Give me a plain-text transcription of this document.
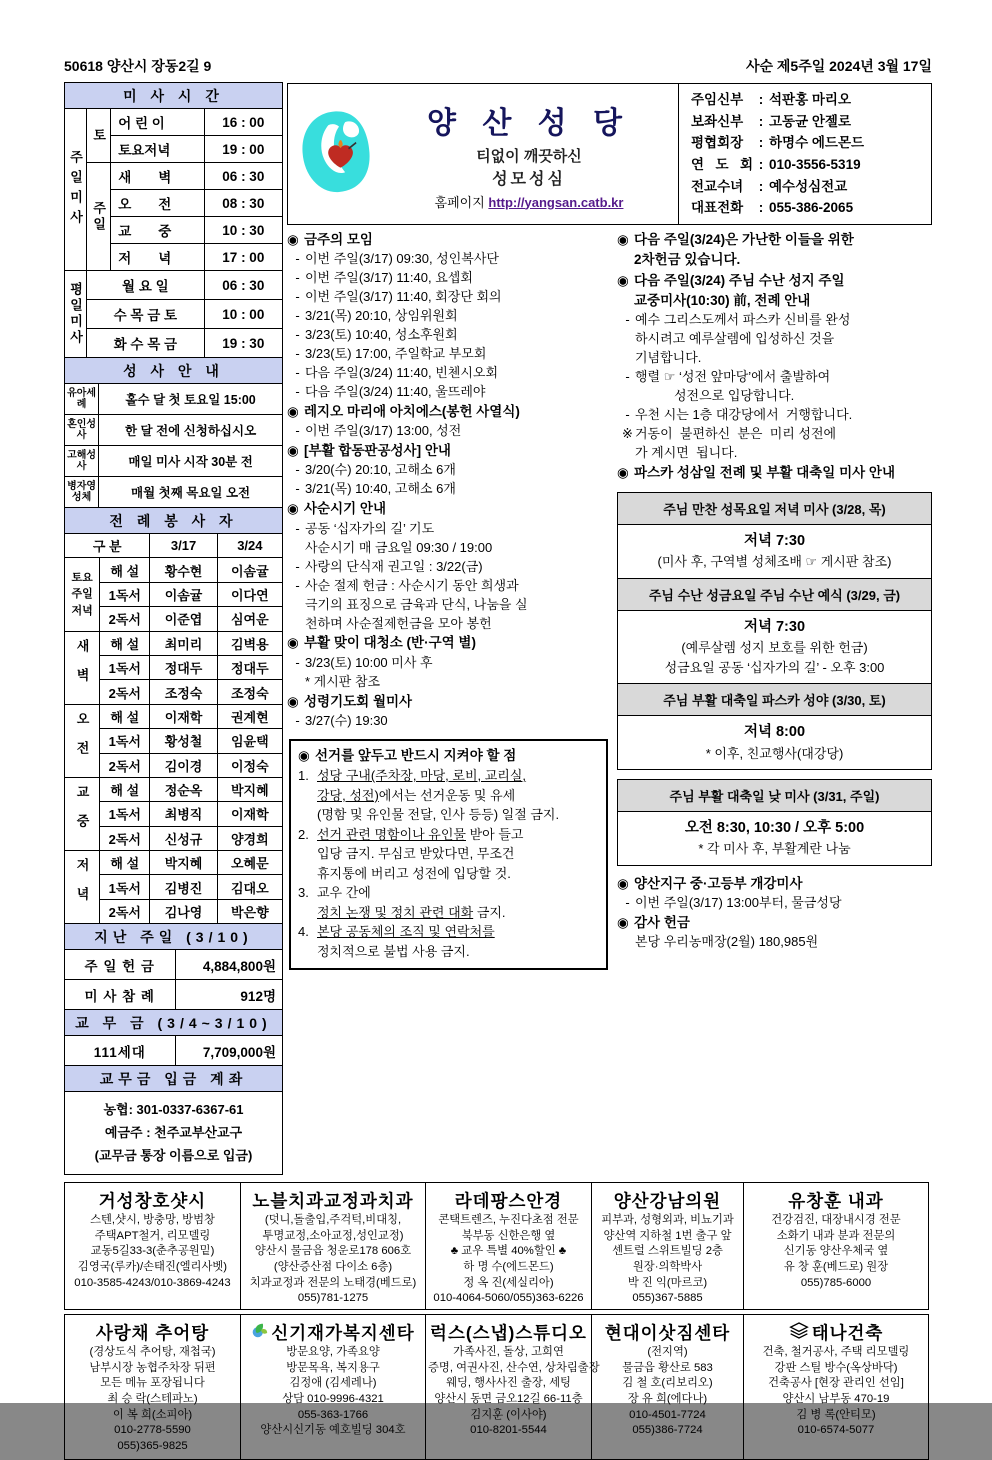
50618 양산시 장동2길 9	사순 제5주일 2024년 3월 17일
미 사 시 간
주일미사	토	어 린 이	16 : 00
		토요저녁	19 : 00

	주일	새　　벽	06 : 30
		오　　전	08 : 30
		교　　중	10 : 30
		저　　녁	17 : 00
평일미사	월 요 일	06 : 30
	수 목 금 토	10 : 00
	화 수 목 금	19 : 30
성 사 안 내
유아세례	홀수 달 첫 토요일 15:00
혼인성사	한 달 전에 신청하십시오
고해성사	매일 미사 시작 30분 전
병자영성체	매월 첫째 목요일 오전
전 례 봉 사 자
구 분		3/17	3/24
토요주일저녁	해 설	황수현	이솜귤
	1독서	이솜귤	이다연
	2독서	이준엽	심여운

새벽	해 설	최미리	김벽용
	1독서	정대두	정대두
	2독서	조정숙	조정숙

오전	해 설	이재학	권계현
	1독서	황성철	임윤택
	2독서	김이경	이정숙

교중	해 설	정순옥	박지혜
	1독서	최병직	이재학
	2독서	신성규	양경희

저녁	해 설	박지혜	오혜문
	1독서	김병진	김대오
	2독서	김나영	박은향
지난 주일 (3/10)
주 일 헌 금	4,884,800원
미 사 참 례	912명
교 무 금 (3/4~3/10)
111세대	7,709,000원
교무금 입금 계좌
농협: 301-0337-6367-61
예금주 : 천주교부산교구
(교무금 통장 이름으로 입금)
양 산 성 당
티없이 깨끗하신
성모성심
홈페이지 http://yangsan.catb.kr
주임신부	: 석판홍 마리오
보좌신부	: 고동균 안젤로
평협회장	: 하명수 에드몬드
연 도 회 : 010-3556-5319
전교수녀	: 예수성심전교
대표전화	: 055-386-2065
◉ 금주의 모임
- 이번 주일(3/17) 09:30, 성인복사단
- 이번 주일(3/17) 11:40, 요셉회
- 이번 주일(3/17) 11:40, 회장단 회의
- 3/21(목) 20:10, 상임위원회
- 3/23(토) 10:40, 성소후원회
- 3/23(토) 17:00, 주일학교 부모회
- 다음 주일(3/24) 11:40, 빈첸시오회
- 다음 주일(3/24) 11:40, 울뜨레야
◉ 레지오 마리애 아치에스(봉헌 사열식)
- 이번 주일(3/17) 13:00, 성전
◉ [부활 합동판공성사] 안내
- 3/20(수) 20:10, 고해소 6개
- 3/21(목) 10:40, 고해소 6개
◉ 사순시기 안내
- 공동 ‘십자가의 길’ 기도
사순시기 매 금요일 09:30 / 19:00
- 사랑의 단식재 권고일 : 3/22(금)
- 사순 절제 헌금 : 사순시기 동안 희생과
극기의 표징으로 금육과 단식, 나눔을 실
천하며 사순절제헌금을 모아 봉헌
◉ 부활 맞이 대청소 (반·구역 별)
- 3/23(토) 10:00 미사 후
* 게시판 참조
◉ 성령기도회 월미사
- 3/27(수) 19:30
◉ 선거를 앞두고 반드시 지켜야 할 점
1. 성당 구내(주차장, 마당, 로비, 교리실,
강당, 성전)에서는 선거운동 및 유세
(명함 및 유인물 전달, 인사 등등) 일절 금지.
2. 선거 관련 명함이나 유인물 받아 들고
입당 금지. 무심코 받았다면, 무조건
휴지통에 버리고 성전에 입당할 것.
3. 교우 간에
정치 논쟁 및 정치 관련 대화 금지.
4. 본당 공동체의 조직 및 연락처를
정치적으로 불법 사용 금지.
◉ 다음 주일(3/24)은 가난한 이들을 위한
2차헌금 있습니다.
◉ 다음 주일(3/24) 주님 수난 성지 주일
교중미사(10:30) 前, 전례 안내
- 예수 그리스도께서 파스카 신비를 완성
하시려고 예루살렘에 입성하신 것을
기념합니다.
- 행렬 ☞ ‘성전 앞마당’에서 출발하여
　　　성전으로 입당합니다.
- 우천 시는 1층 대강당에서  거행합니다.
※ 거동이  불편하신  분은  미리 성전에
가 계시면  됩니다.
◉ 파스카 성삼일 전례 및 부활 대축일 미사 안내
주님 만찬 성목요일 저녁 미사 (3/28, 목)

저녁 7:30
(미사 후, 구역별 성체조배 ☞ 게시판 참조)

주님 수난 성금요일 주님 수난 예식 (3/29, 금)

저녁 7:30
(예루살렘 성지 보호를 위한 헌금)
성금요일 공동 ‘십자가의 길’ - 오후 3:00

주님 부활 대축일 파스카 성야 (3/30, 토)

저녁 8:00
* 이후, 친교행사(대강당)
주님 부활 대축일 낮 미사 (3/31, 주일)

오전 8:30, 10:30 / 오후 5:00
* 각 미사 후, 부활계란 나눔
◉ 양산지구 중·고등부 개강미사
- 이번 주일(3/17) 13:00부터, 물금성당
◉ 감사 헌금
본당 우리농매장(2월) 180,985원
거성창호샷시
스텐,샷시, 방충망, 방범창
주택APT철거, 리모델링
교동5길33-3(춘추공원밑)
김영국(루카)/손태진(엘리사벳)
010-3585-4243/010-3869-4243
노블치과교정과치과
(덧니,돌출입,주걱턱,비대칭,
투명교정,소아교정,성인교정)
양산시 물금읍 청운로178 606호
(양산증산점 다이소 6층)
치과교정과 전문의 노태경(베드로)
055)781-1275
라데팡스안경
콘택트렌즈, 누진다초점 전문
북부동 신한은행 옆
♣ 교우 특별 40%할인 ♣
하 명 수(에드몬드)
정 옥 진(세실리아)
010-4064-5060/055)363-6226
양산강남의원
피부과, 성형외과, 비뇨기과
양산역 지하철 1번 출구 앞
센트럴 스위트빌딩 2층
원장·의학박사
박 진 익(마르코)
055)367-5885
유창훈 내과
건강검진, 대장내시경 전문
소화기 내과 분과 전문의
신기동 양산우체국 옆
유 창 훈(베드로) 원장
055)785-6000
사랑채 추어탕
(경상도식 추어탕, 재첩국)
남부시장 농협주차장 뒤편
모든 메뉴 포장됩니다
최 승 락(스테파노)
이 복 희(소피아)
010-2778-5590
055)365-9825
신기재가복지센타
방문요양, 가족요양
방문목욕, 복지용구
김정애 (김세레나)
상담 010-9996-4321
055-363-1766
양산시신기동 예호빌딩 304호
럭스(스냅)스튜디오
가족사진, 돌상, 고희연
증명, 여권사진, 산수연, 상차림출장
웨딩, 행사사진 출장, 세팅
양산시 동면 금오12길 66-11층
김지훈 (이사야)
010-8201-5544
현대이삿짐센타
(전지역)
물금읍 황산로 583
김 철 호(리보리오)
장 유 희(에다나)
010-4501-7724
055)386-7724
태나건축
건축, 철거공사, 주택 리모델링
강판 스틸 방수(옥상바닥)
건축공사 [현장 관리인 선임]
양산시 남부동 470-19
김 병 록(안티모)
010-6574-5077
